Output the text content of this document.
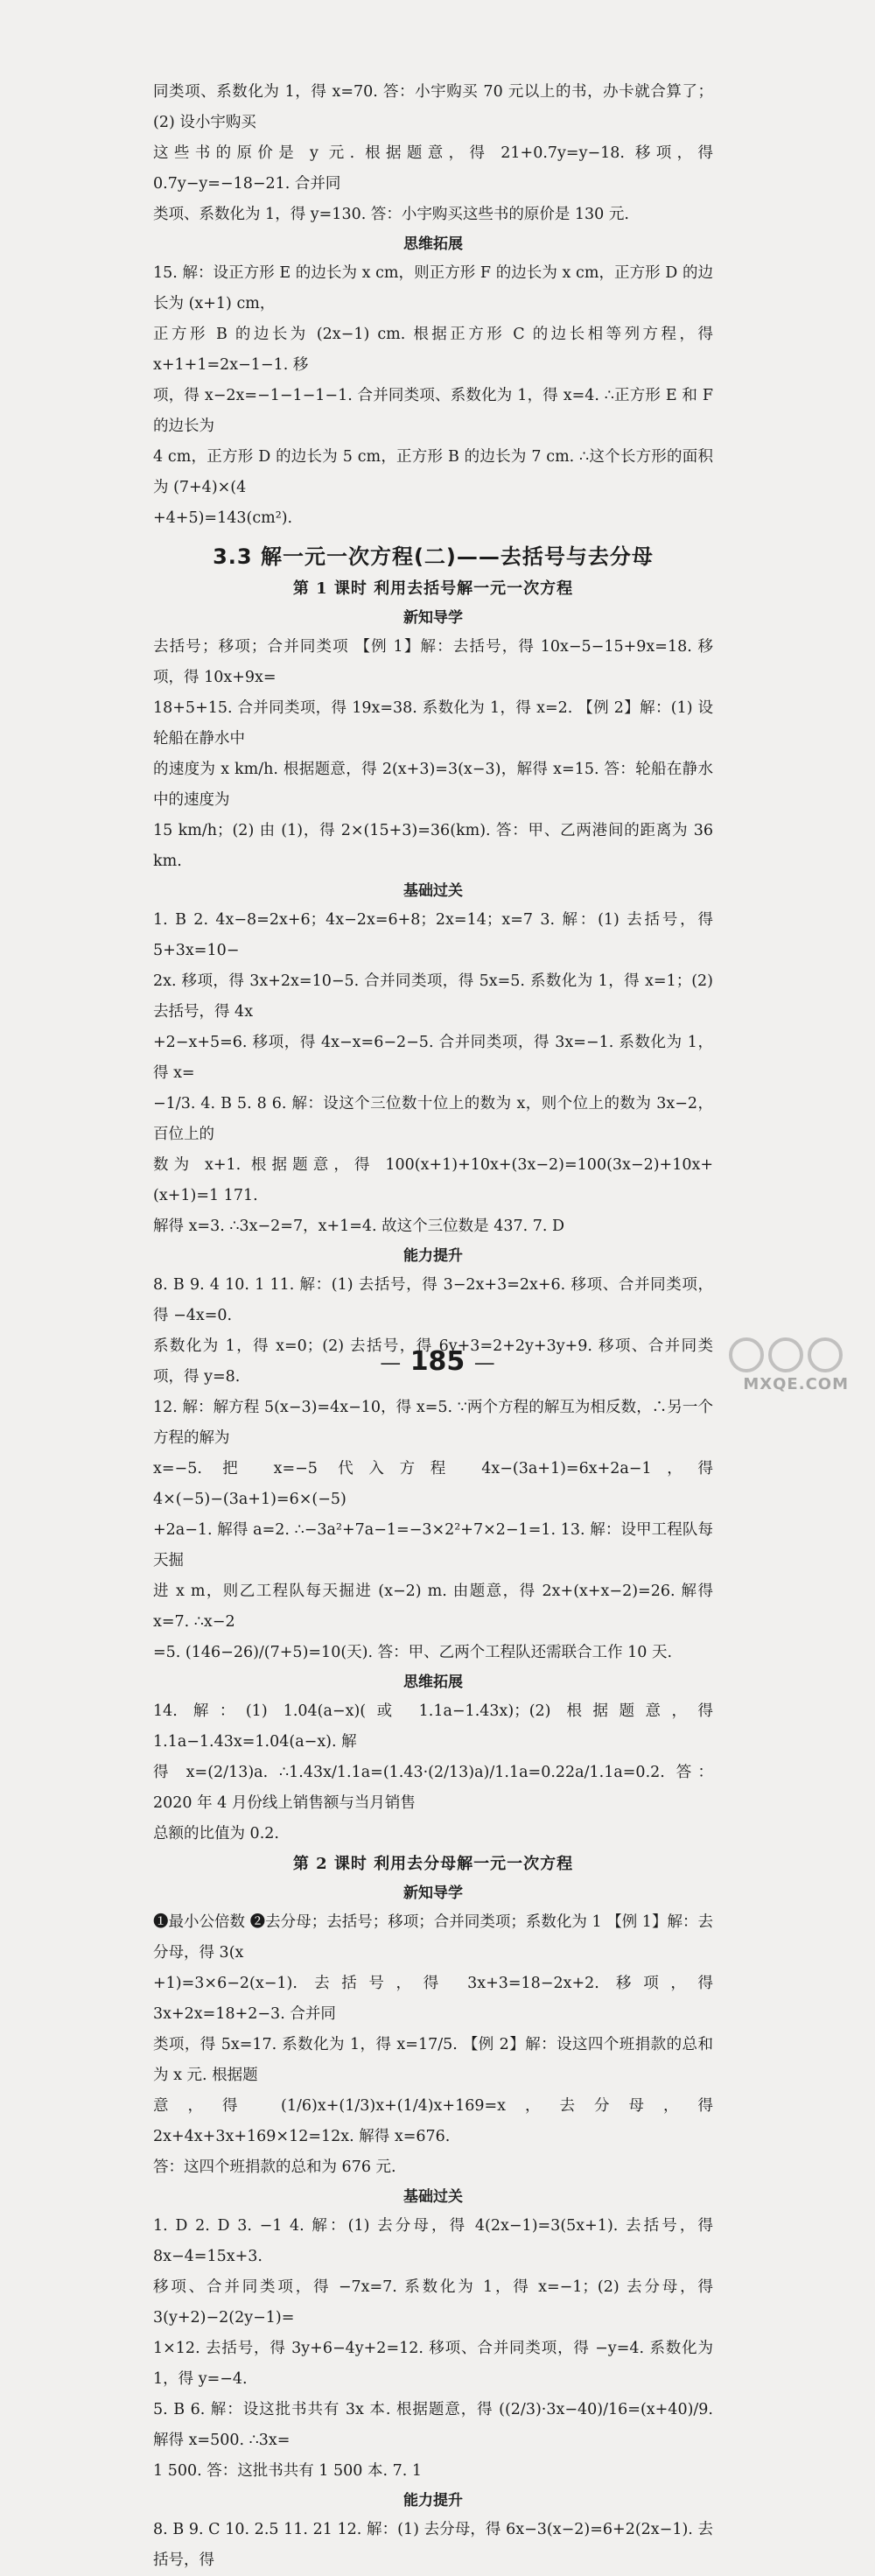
同类项、系数化为 1，得 x=70. 答：小宇购买 70 元以上的书，办卡就合算了；(2) 设小宇购买

这些书的原价是 y 元. 根据题意，得 21+0.7y=y−18. 移项，得 0.7y−y=−18−21. 合并同

类项、系数化为 1，得 y=130. 答：小宇购买这些书的原价是 130 元.

思维拓展

15. 解：设正方形 E 的边长为 x cm，则正方形 F 的边长为 x cm，正方形 D 的边长为 (x+1) cm，

正方形 B 的边长为 (2x−1) cm. 根据正方形 C 的边长相等列方程，得 x+1+1=2x−1−1. 移

项，得 x−2x=−1−1−1−1. 合并同类项、系数化为 1，得 x=4. ∴正方形 E 和 F 的边长为

4 cm，正方形 D 的边长为 5 cm，正方形 B 的边长为 7 cm. ∴这个长方形的面积为 (7+4)×(4

+4+5)=143(cm²).

3.3 解一元一次方程(二)——去括号与去分母
第 1 课时 利用去括号解一元一次方程
新知导学

去括号；移项；合并同类项 【例 1】解：去括号，得 10x−5−15+9x=18. 移项，得 10x+9x=

18+5+15. 合并同类项，得 19x=38. 系数化为 1，得 x=2. 【例 2】解：(1) 设轮船在静水中

的速度为 x km/h. 根据题意，得 2(x+3)=3(x−3)，解得 x=15. 答：轮船在静水中的速度为

15 km/h；(2) 由 (1)，得 2×(15+3)=36(km). 答：甲、乙两港间的距离为 36 km.

基础过关

1. B 2. 4x−8=2x+6；4x−2x=6+8；2x=14；x=7 3. 解：(1) 去括号，得 5+3x=10−

2x. 移项，得 3x+2x=10−5. 合并同类项，得 5x=5. 系数化为 1，得 x=1；(2) 去括号，得 4x

+2−x+5=6. 移项，得 4x−x=6−2−5. 合并同类项，得 3x=−1. 系数化为 1，得 x=

−1/3. 4. B 5. 8 6. 解：设这个三位数十位上的数为 x，则个位上的数为 3x−2，百位上的

数为 x+1. 根据题意，得 100(x+1)+10x+(3x−2)=100(3x−2)+10x+(x+1)=1 171.

解得 x=3. ∴3x−2=7，x+1=4. 故这个三位数是 437. 7. D

能力提升

8. B 9. 4 10. 1 11. 解：(1) 去括号，得 3−2x+3=2x+6. 移项、合并同类项，得 −4x=0.

系数化为 1，得 x=0；(2) 去括号，得 6y+3=2+2y+3y+9. 移项、合并同类项，得 y=8.

12. 解：解方程 5(x−3)=4x−10，得 x=5. ∵两个方程的解互为相反数，∴另一个方程的解为

x=−5. 把 x=−5 代入方程 4x−(3a+1)=6x+2a−1，得 4×(−5)−(3a+1)=6×(−5)

+2a−1. 解得 a=2. ∴−3a²+7a−1=−3×2²+7×2−1=1. 13. 解：设甲工程队每天掘

进 x m，则乙工程队每天掘进 (x−2) m. 由题意，得 2x+(x+x−2)=26. 解得 x=7. ∴x−2

=5. (146−26)/(7+5)=10(天). 答：甲、乙两个工程队还需联合工作 10 天.

思维拓展

14. 解：(1) 1.04(a−x)(或 1.1a−1.43x)；(2) 根据题意，得 1.1a−1.43x=1.04(a−x). 解

得 x=(2/13)a. ∴1.43x/1.1a=(1.43·(2/13)a)/1.1a=0.22a/1.1a=0.2. 答：2020 年 4 月份线上销售额与当月销售

总额的比值为 0.2.

第 2 课时 利用去分母解一元一次方程
新知导学

❶最小公倍数 ❷去分母；去括号；移项；合并同类项；系数化为 1 【例 1】解：去分母，得 3(x

+1)=3×6−2(x−1). 去括号，得 3x+3=18−2x+2. 移项，得 3x+2x=18+2−3. 合并同

类项，得 5x=17. 系数化为 1，得 x=17/5. 【例 2】解：设这四个班捐款的总和为 x 元. 根据题

意，得 (1/6)x+(1/3)x+(1/4)x+169=x，去分母，得 2x+4x+3x+169×12=12x. 解得 x=676.

答：这四个班捐款的总和为 676 元.

基础过关

1. D 2. D 3. −1 4. 解：(1) 去分母，得 4(2x−1)=3(5x+1). 去括号，得 8x−4=15x+3.

移项、合并同类项，得 −7x=7. 系数化为 1，得 x=−1；(2) 去分母，得 3(y+2)−2(2y−1)=

1×12. 去括号，得 3y+6−4y+2=12. 移项、合并同类项，得 −y=4. 系数化为 1，得 y=−4.

5. B 6. 解：设这批书共有 3x 本. 根据题意，得 ((2/3)·3x−40)/16=(x+40)/9. 解得 x=500. ∴3x=

1 500. 答：这批书共有 1 500 本. 7. 1

能力提升

8. B 9. C 10. 2.5 11. 21 12. 解：(1) 去分母，得 6x−3(x−2)=6+2(2x−1). 去括号，得

— 185 —
MXQE.COM
